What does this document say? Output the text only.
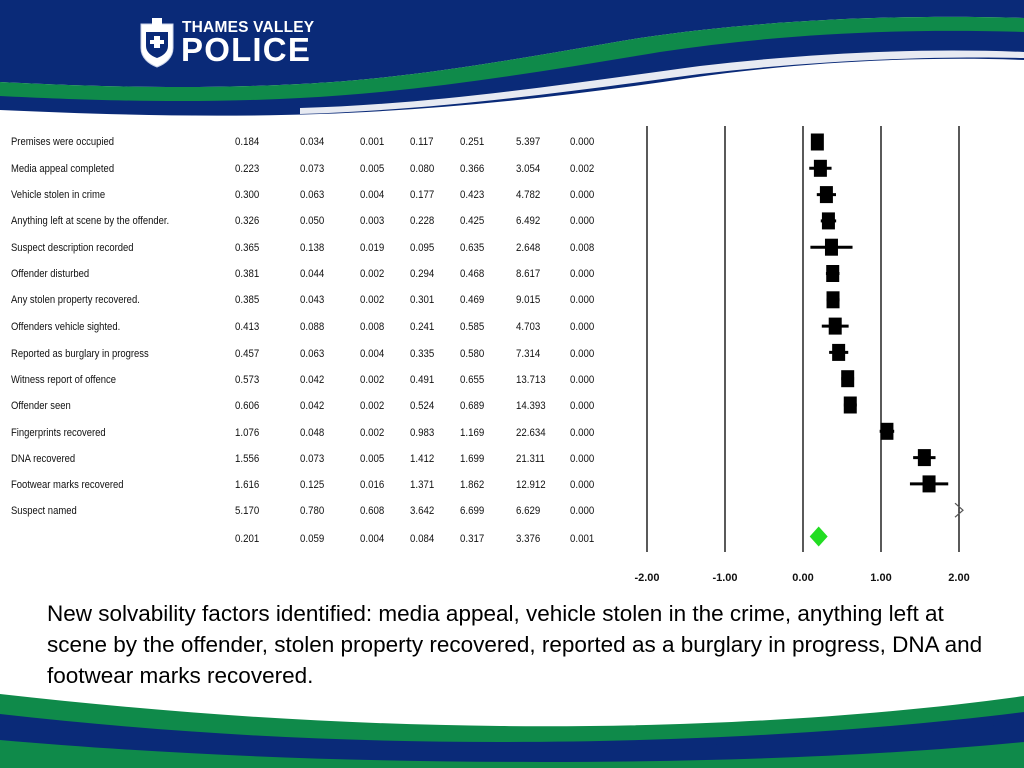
THAMES VALLEY
POLICE
Premises were occupied	0.184	0.034	0.001 0.117 0.251	5.397	0.000
Media appeal completed	0.223	0.073	0.005 0.080 0.366	3.054	0.002
Vehicle stolen in crime	0.300	0.063	0.004 0.177 0.423	4.782	0.000
Anything left at scene by the offender.	0.326	0.050	0.003 0.228 0.425	6.492	0.000
Suspect description recorded	0.365	0.138	0.019 0.095 0.635	2.648	0.008
Offender disturbed	0.381	0.044	0.002 0.294 0.468	8.617	0.000
Any stolen property recovered.	0.385	0.043	0.002 0.301 0.469	9.015	0.000
Offenders vehicle sighted.	0.413	0.088	0.008 0.241 0.585	4.703	0.000
Reported as burglary in progress	0.457	0.063	0.004 0.335 0.580	7.314	0.000
Witness report of offence	0.573	0.042	0.002 0.491 0.655	13.713 0.000
Offender seen	0.606	0.042	0.002 0.524 0.689	14.393 0.000
Fingerprints recovered	1.076	0.048	0.002 0.983 1.169	22.634 0.000
DNA recovered	1.556	0.073	0.005 1.412 1.699	21.311 0.000
Footwear marks recovered	1.616	0.125	0.016 1.371 1.862	12.912 0.000
Suspect named	5.170	0.780	0.608 3.642 6.699	6.629	0.000
0.201	0.059	0.004 0.084 0.317	3.376	0.001
-2.00	-1.00	0.00	1.00	2.00
New solvability factors identified: media appeal, vehicle stolen in the crime, anything left at scene by the offender, stolen property recovered, reported as a burglary in progress, DNA and footwear marks recovered.
